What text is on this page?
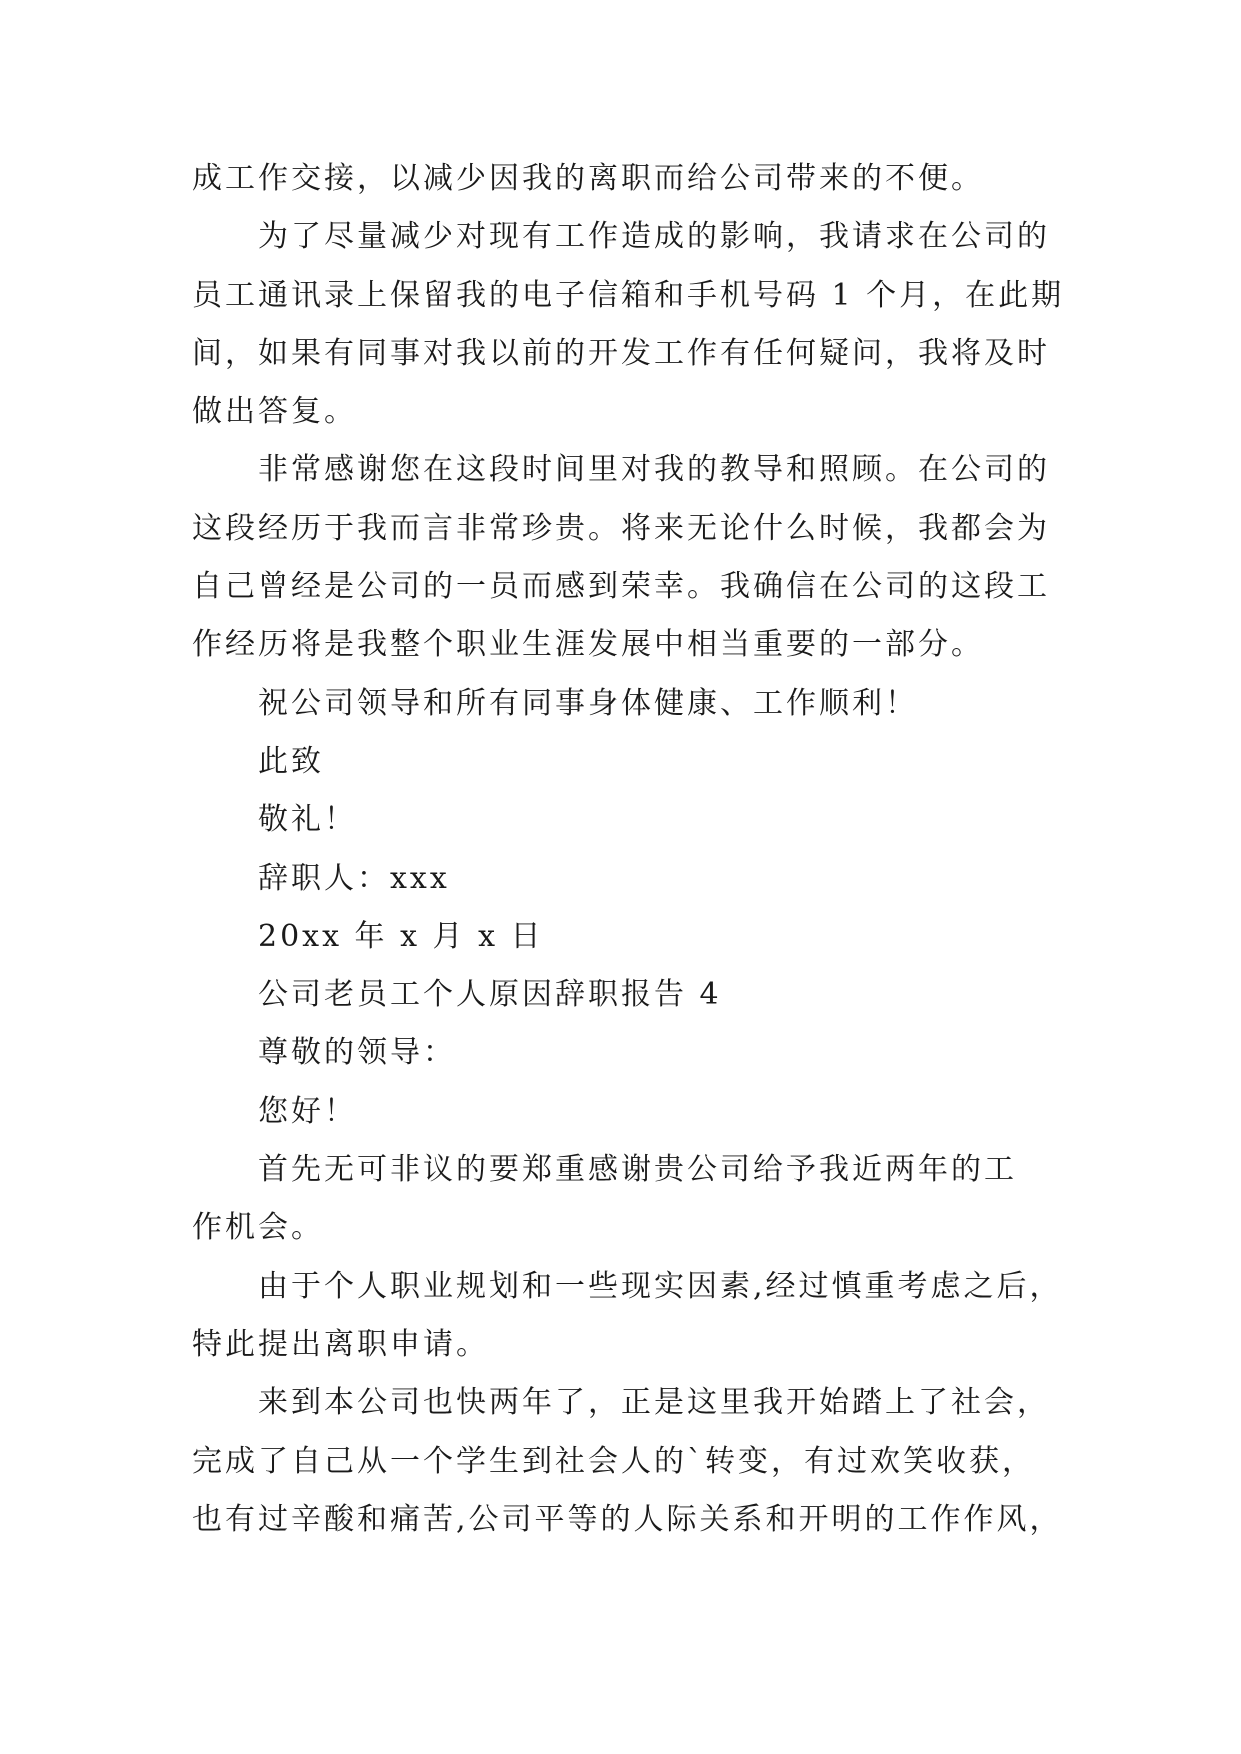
成工作交接，以减少因我的离职而给公司带来的不便。
为了尽量减少对现有工作造成的影响，我请求在公司的
员工通讯录上保留我的电子信箱和手机号码 1 个月，在此期
间，如果有同事对我以前的开发工作有任何疑问，我将及时
做出答复。
非常感谢您在这段时间里对我的教导和照顾。在公司的
这段经历于我而言非常珍贵。将来无论什么时候，我都会为
自己曾经是公司的一员而感到荣幸。我确信在公司的这段工
作经历将是我整个职业生涯发展中相当重要的一部分。
祝公司领导和所有同事身体健康、工作顺利！
此致
敬礼！
辞职人：xxx
20xx 年 x 月 x 日
公司老员工个人原因辞职报告 4
尊敬的领导：
您好！
首先无可非议的要郑重感谢贵公司给予我近两年的工
作机会。
由于个人职业规划和一些现实因素,经过慎重考虑之后，
特此提出离职申请。
来到本公司也快两年了，正是这里我开始踏上了社会，
完成了自己从一个学生到社会人的`转变，有过欢笑收获，
也有过辛酸和痛苦,公司平等的人际关系和开明的工作作风，
